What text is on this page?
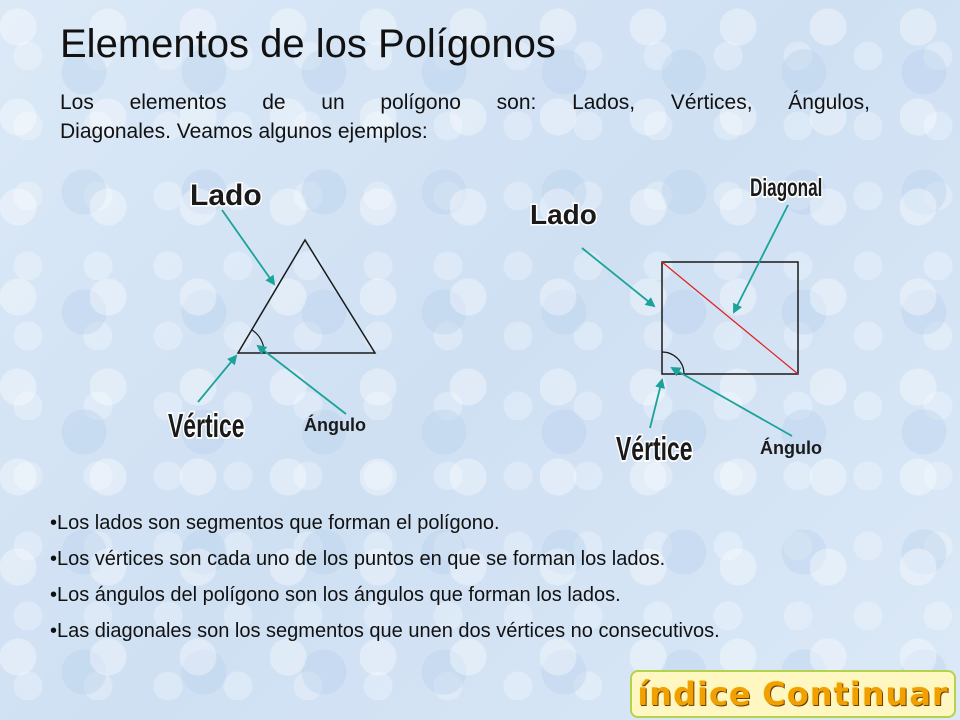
Elementos de los Polígonos
Los elementos de un polígono son: Lados, Vértices, Ángulos,
Diagonales. Veamos algunos ejemplos:
Lado
Vértice	Ángulo
Lado
Diagonal
Vértice	Ángulo
•Los lados son segmentos que forman el polígono.
•Los vértices son cada uno de los puntos en que se forman los lados.
•Los ángulos del polígono son los ángulos que forman los lados.
•Las diagonales son los segmentos que unen dos vértices no consecutivos.
índice Continuar
